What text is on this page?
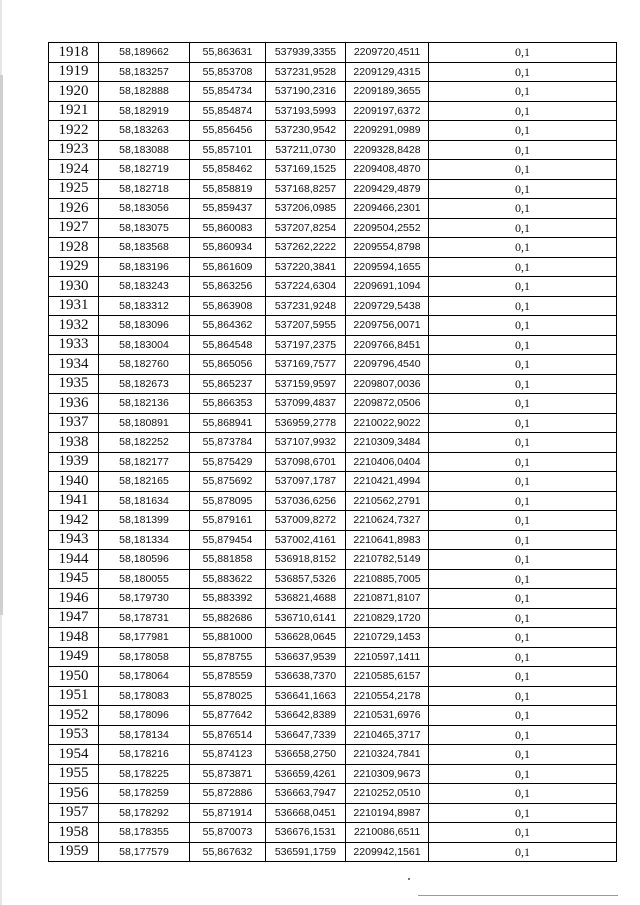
1918	58,189662	55,863631	537939,3355	2209720,4511	0,1
1919	58,183257	55,853708	537231,9528	2209129,4315	0,1
1920	58,182888	55,854734	537190,2316	2209189,3655	0,1
1921	58,182919	55,854874	537193,5993	2209197,6372	0,1
1922	58,183263	55,856456	537230,9542	2209291,0989	0,1
1923	58,183088	55,857101	537211,0730	2209328,8428	0,1
1924	58,182719	55,858462	537169,1525	2209408,4870	0,1
1925	58,182718	55,858819	537168,8257	2209429,4879	0,1
1926	58,183056	55,859437	537206,0985	2209466,2301	0,1
1927	58,183075	55,860083	537207,8254	2209504,2552	0,1
1928	58,183568	55,860934	537262,2222	2209554,8798	0,1
1929	58,183196	55,861609	537220,3841	2209594,1655	0,1
1930	58,183243	55,863256	537224,6304	2209691,1094	0,1
1931	58,183312	55,863908	537231,9248	2209729,5438	0,1
1932	58,183096	55,864362	537207,5955	2209756,0071	0,1
1933	58,183004	55,864548	537197,2375	2209766,8451	0,1
1934	58,182760	55,865056	537169,7577	2209796,4540	0,1
1935	58,182673	55,865237	537159,9597	2209807,0036	0,1
1936	58,182136	55,866353	537099,4837	2209872,0506	0,1
1937	58,180891	55,868941	536959,2778	2210022,9022	0,1
1938	58,182252	55,873784	537107,9932	2210309,3484	0,1
1939	58,182177	55,875429	537098,6701	2210406,0404	0,1
1940	58,182165	55,875692	537097,1787	2210421,4994	0,1
1941	58,181634	55,878095	537036,6256	2210562,2791	0,1
1942	58,181399	55,879161	537009,8272	2210624,7327	0,1
1943	58,181334	55,879454	537002,4161	2210641,8983	0,1
1944	58,180596	55,881858	536918,8152	2210782,5149	0,1
1945	58,180055	55,883622	536857,5326	2210885,7005	0,1
1946	58,179730	55,883392	536821,4688	2210871,8107	0,1
1947	58,178731	55,882686	536710,6141	2210829,1720	0,1
1948	58,177981	55,881000	536628,0645	2210729,1453	0,1
1949	58,178058	55,878755	536637,9539	2210597,1411	0,1
1950	58,178064	55,878559	536638,7370	2210585,6157	0,1
1951	58,178083	55,878025	536641,1663	2210554,2178	0,1
1952	58,178096	55,877642	536642,8389	2210531,6976	0,1
1953	58,178134	55,876514	536647,7339	2210465,3717	0,1
1954	58,178216	55,874123	536658,2750	2210324,7841	0,1
1955	58,178225	55,873871	536659,4261	2210309,9673	0,1
1956	58,178259	55,872886	536663,7947	2210252,0510	0,1
1957	58,178292	55,871914	536668,0451	2210194,8987	0,1
1958	58,178355	55,870073	536676,1531	2210086,6511	0,1
1959	58,177579	55,867632	536591,1759	2209942,1561	0,1
